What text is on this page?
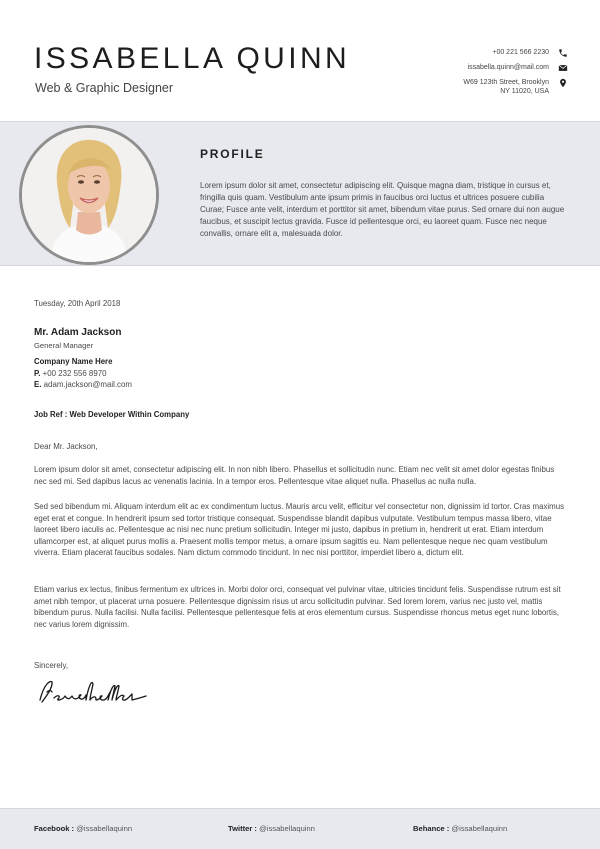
ISSABELLA QUINN
Web & Graphic Designer
+00 221 566 2230
issabella.quinn@mail.com
W69 123th Street, Brooklyn
NY 11020, USA
PROFILE
Lorem ipsum dolor sit amet, consectetur adipiscing elit. Quisque magna diam, tristique in cursus et, fringilla quis quam. Vestibulum ante ipsum primis in faucibus orci luctus et ultrices posuere cubilia Curae; Fusce ante velit, interdum et porttitor sit amet, bibendum vitae purus. Sed ornare dui non augue faucibus, et suscipit lectus gravida. Fusce id pellentesque orci, eu laoreet quam. Fusce nec neque convallis, ornare elit a, malesuada dolor.
Tuesday, 20th April 2018
Mr. Adam Jackson
General Manager
Company Name Here
P. +00 232 556 8970
E. adam.jackson@mail.com
Job Ref : Web Developer Within Company
Dear Mr. Jackson,
Lorem ipsum dolor sit amet, consectetur adipiscing elit. In non nibh libero. Phasellus et sollicitudin nunc. Etiam nec velit sit amet dolor egestas finibus nec sed mi. Sed dapibus lacus ac venenatis lacinia. In a tempor eros. Pellentesque vitae aliquet nulla. Phasellus ac nulla nulla.
Sed sed bibendum mi. Aliquam interdum elit ac ex condimentum luctus. Mauris arcu velit, efficitur vel consectetur non, dignissim id tortor. Cras maximus eget erat et congue. In hendrerit ipsum sed tortor tristique consequat. Suspendisse blandit dapibus vulputate. Vestibulum tempus massa libero, vitae laoreet libero iaculis ac. Pellentesque ac nisi nec nunc pretium sollicitudin. Integer mi justo, dapibus in pretium in, hendrerit ut erat. Etiam interdum ullamcorper est, at aliquet purus mollis a. Praesent mollis tempor metus, a ornare ipsum sagittis eu. Nam pellentesque neque nec quam vestibulum viverra. Etiam placerat faucibus sodales. Nam dictum commodo tincidunt. In nec nisi porttitor, imperdiet libero a, dictum elit.
Etiam varius ex lectus, finibus fermentum ex ultrices in. Morbi dolor orci, consequat vel pulvinar vitae, ultricies tincidunt felis. Suspendisse rutrum est sit amet nibh tempor, ut placerat urna posuere. Pellentesque dignissim risus ut arcu sollicitudin pulvinar. Sed lorem lorem, varius nec justo vel, mattis bibendum purus. Nulla facilisi. Nulla facilisi. Pellentesque pellentesque felis at eros elementum cursus. Suspendisse rhoncus metus eget nunc lobortis, nec varius lorem dignissim.
Sincerely,
Facebook : @issabellaquinn	Twitter : @issabellaquinn	Behance : @issabellaquinn
